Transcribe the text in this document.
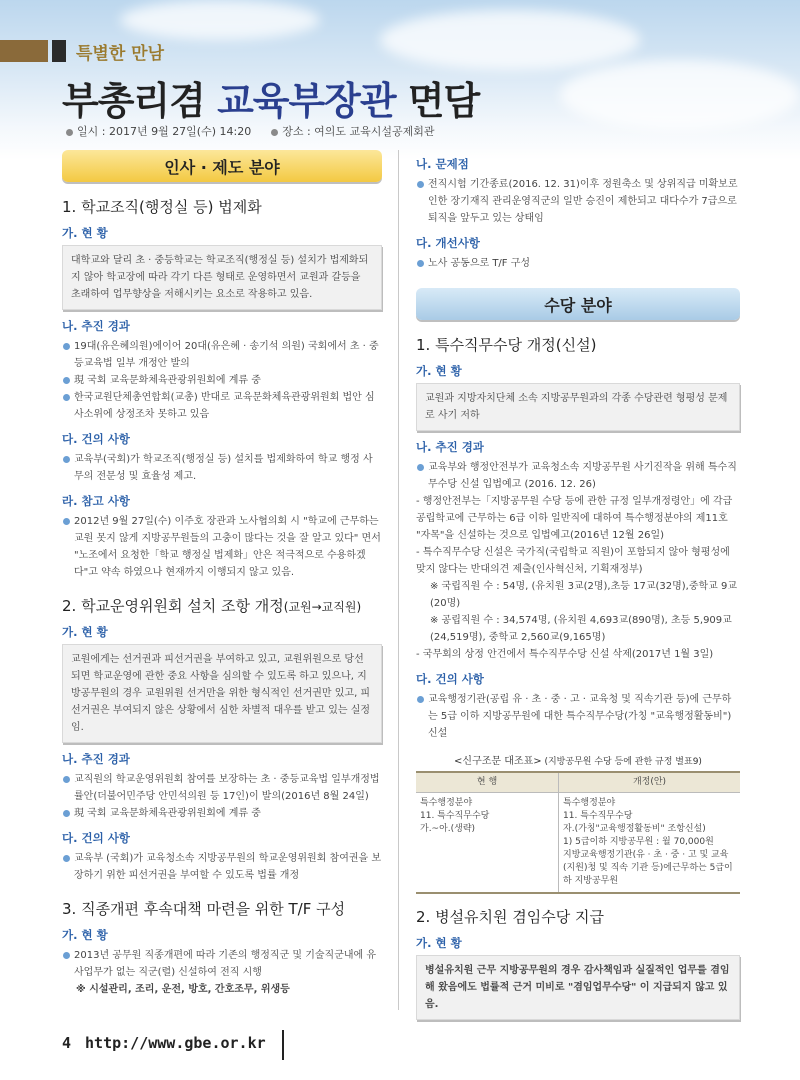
특별한 만남
부총리겸 교육부장관 면담
일시 : 2017년 9월 27일(수) 14:20	장소 : 여의도 교육시설공제회관
인사 · 제도 분야
1. 학교조직(행정실 등) 법제화
가. 현 황
대학교와 달리 초 · 중등학교는 학교조직(행정실 등) 설치가 법제화되지 않아 학교장에 따라 각기 다른 형태로 운영하면서 교원과 갈등을 초래하여 업무향상을 저해시키는 요소로 작용하고 있음.
나. 추진 경과
19대(유은혜의원)에이어 20대(유은혜 · 송기석 의원) 국회에서 초 · 중등교육법 일부 개정안 발의
現 국회 교육문화체육관광위원회에 계류 중
한국교원단체총연합회(교총) 반대로 교육문화체육관광위원회 법안 심사소위에 상정조차 못하고 있음
다. 건의 사항
교육부(국회)가 학교조직(행정실 등) 설치를 법제화하여 학교 행정 사무의 전문성 및 효율성 제고.
라. 참고 사항
2012년 9월 27일(수) 이주호 장관과 노사협의회 시 "학교에 근무하는 교원 못지 않게 지방공무원들의 고충이 많다는 것을 잘 알고 있다" 면서 "노조에서 요청한「학교 행정실 법제화」안은 적극적으로 수용하겠다"고 약속 하였으나 현재까지 이행되지 않고 있음.
2. 학교운영위원회 설치 조항 개정(교원→교직원)
가. 현 황
교원에게는 선거권과 피선거권을 부여하고 있고, 교원위원으로 당선되면 학교운영에 관한 중요 사항을 심의할 수 있도록 하고 있으나, 지방공무원의 경우 교원위원 선거만을 위한 형식적인 선거권만 있고, 피선거권은 부여되지 않은 상황에서 심한 차별적 대우를 받고 있는 실정임.
나. 추진 경과
교직원의 학교운영위원회 참여를 보장하는 초 · 중등교육법 일부개정법률안(더불어민주당 안민석의원 등 17인)이 발의(2016년 8월 24일)
現 국회 교육문화체육관광위원회에 계류 중
다. 건의 사항
교육부 (국회)가 교육청소속 지방공무원의 학교운영위원회 참여권을 보장하기 위한 피선거권을 부여할 수 있도록 법률 개정
3. 직종개편 후속대책 마련을 위한 T/F 구성
가. 현 황
2013년 공무원 직종개편에 따라 기존의 행정직군 및 기술직군내에 유사업무가 없는 직군(렬) 신설하여 전직 시행
※ 시설관리, 조리, 운전, 방호, 간호조무, 위생등
나. 문제점
전직시험 기간종료(2016. 12. 31)이후 정원축소 및 상위직급 미확보로 인한 장기재직 관리운영직군의 일반 승진이 제한되고 대다수가 7급으로 퇴직을 앞두고 있는 상태임
다. 개선사항
노사 공동으로 T/F 구성
수당 분야
1. 특수직무수당 개정(신설)
가. 현 황
교원과 지방자치단체 소속 지방공무원과의 각종 수당관련 형평성 문제로 사기 저하
나. 추진 경과
교육부와 행정안전부가 교육청소속 지방공무원 사기진작을 위해 특수직무수당 신설 입법예고 (2016. 12. 26)
- 행정안전부는「지방공무원 수당 등에 관한 규정 일부개정령안」에 각급 공립학교에 근무하는 6급 이하 일반직에 대하여 특수행정분야의 제11호 "자목"을 신설하는 것으로 입법예고(2016년 12월 26일)
- 특수직무수당 신설은 국가직(국립학교 직원)이 포함되지 않아 형평성에 맞지 않다는 반대의견 제출(인사혁신처, 기획재정부)
※ 국립직원 수 : 54명, (유치원 3교(2명),초등 17교(32명),중학교 9교(20명)
※ 공립직원 수 : 34,574명, (유치원 4,693교(890명), 초등 5,909교(24,519명), 중학교 2,560교(9,165명)
- 국무회의 상정 안건에서 특수직무수당 신설 삭제(2017년 1월 3일)
다. 건의 사항
교육행정기관(공립 유 · 초 · 중 · 고 · 교육청 및 직속기관 등)에 근무하는 5급 이하 지방공무원에 대한 특수직무수당(가칭 "교육행정활동비") 신설
<신구조문 대조표> (지방공무원 수당 등에 관한 규정 별표9)
현 행	개정(안)
특수행정분야
11. 특수직무수당
가.~아.(생략)	특수행정분야
11. 특수직무수당
자.(가칭"교육행정활동비" 조항신설)
1) 5급이하 지방공무원 : 월 70,000원
지방교육행정기관(유 · 초 · 중 · 고 및 교육(지원)청 및 직속 기관 등)에근무하는 5급이하 지방공무원
2. 병설유치원 겸임수당 지급
가. 현 황
병설유치원 근무 지방공무원의 경우 감사책임과 실질적인 업무를 겸임해 왔음에도 법률적 근거 미비로 "겸임업무수당" 이 지급되지 않고 있음.
4 http://www.gbe.or.kr
